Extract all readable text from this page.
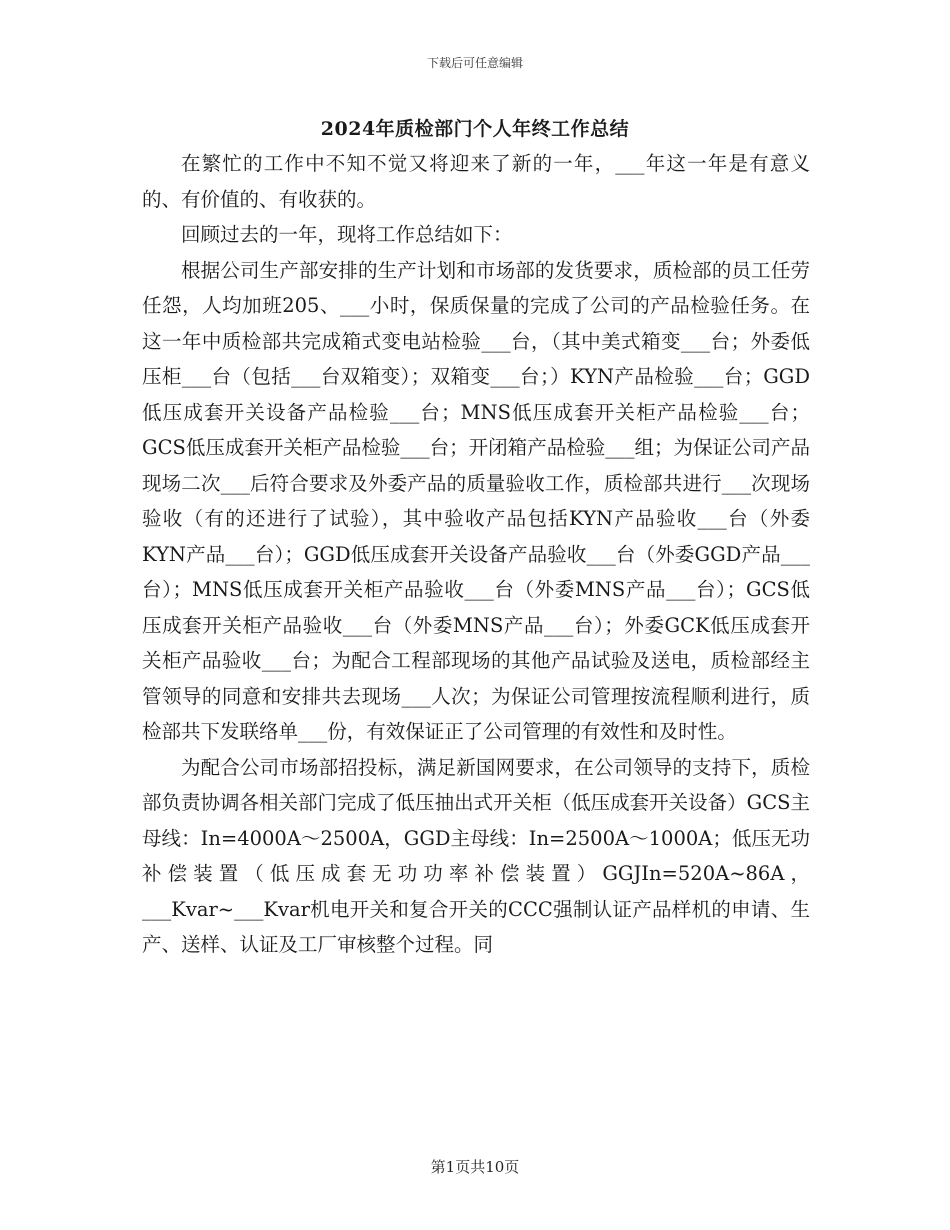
下载后可任意编辑
2024年质检部门个人年终工作总结

在繁忙的工作中不知不觉又将迎来了新的一年，___年这一年是有意义的、有价值的、有收获的。

回顾过去的一年，现将工作总结如下：

根据公司生产部安排的生产计划和市场部的发货要求，质检部的员工任劳任怨，人均加班205、___小时，保质保量的完成了公司的产品检验任务。在这一年中质检部共完成箱式变电站检验___台，（其中美式箱变___台；外委低压柜___台（包括___台双箱变）；双箱变___台；）KYN产品检验___台；GGD低压成套开关设备产品检验___台；MNS低压成套开关柜产品检验___台；GCS低压成套开关柜产品检验___台；开闭箱产品检验___组；为保证公司产品现场二次___后符合要求及外委产品的质量验收工作，质检部共进行___次现场验收（有的还进行了试验），其中验收产品包括KYN产品验收___台（外委KYN产品___台）；GGD低压成套开关设备产品验收___台（外委GGD产品___台）；MNS低压成套开关柜产品验收___台（外委MNS产品___台）；GCS低压成套开关柜产品验收___台（外委MNS产品___台）；外委GCK低压成套开关柜产品验收___台；为配合工程部现场的其他产品试验及送电，质检部经主管领导的同意和安排共去现场___人次；为保证公司管理按流程顺利进行，质检部共下发联络单___份，有效保证正了公司管理的有效性和及时性。

为配合公司市场部招投标，满足新国网要求，在公司领导的支持下，质检部负责协调各相关部门完成了低压抽出式开关柜（低压成套开关设备）GCS主母线：In=4000A～2500A，GGD主母线：In=2500A～1000A；低压无功补偿装置（低压成套无功功率补偿装置）GGJIn=520A~86A，___Kvar~___Kvar机电开关和复合开关的CCC强制认证产品样机的申请、生产、送样、认证及工厂审核整个过程。同

第1页共10页
